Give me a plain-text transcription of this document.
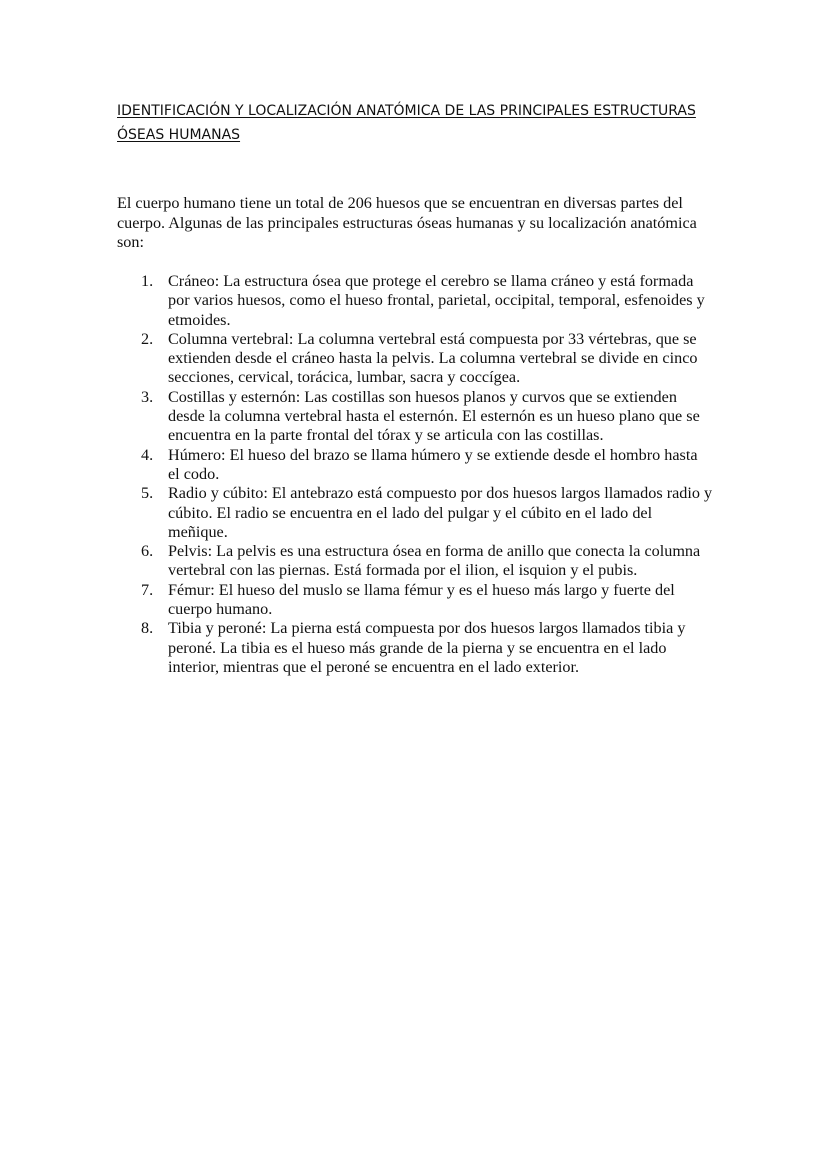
IDENTIFICACIÓN Y LOCALIZACIÓN ANATÓMICA DE LAS PRINCIPALES ESTRUCTURAS ÓSEAS HUMANAS

El cuerpo humano tiene un total de 206 huesos que se encuentran en diversas partes del cuerpo. Algunas de las principales estructuras óseas humanas y su localización anatómica son:

1. Cráneo: La estructura ósea que protege el cerebro se llama cráneo y está formada por varios huesos, como el hueso frontal, parietal, occipital, temporal, esfenoides y etmoides.
2. Columna vertebral: La columna vertebral está compuesta por 33 vértebras, que se extienden desde el cráneo hasta la pelvis. La columna vertebral se divide en cinco secciones, cervical, torácica, lumbar, sacra y coccígea.
3. Costillas y esternón: Las costillas son huesos planos y curvos que se extienden desde la columna vertebral hasta el esternón. El esternón es un hueso plano que se encuentra en la parte frontal del tórax y se articula con las costillas.
4. Húmero: El hueso del brazo se llama húmero y se extiende desde el hombro hasta el codo.
5. Radio y cúbito: El antebrazo está compuesto por dos huesos largos llamados radio y cúbito. El radio se encuentra en el lado del pulgar y el cúbito en el lado del meñique.
6. Pelvis: La pelvis es una estructura ósea en forma de anillo que conecta la columna vertebral con las piernas. Está formada por el ilion, el isquion y el pubis.
7. Fémur: El hueso del muslo se llama fémur y es el hueso más largo y fuerte del cuerpo humano.
8. Tibia y peroné: La pierna está compuesta por dos huesos largos llamados tibia y peroné. La tibia es el hueso más grande de la pierna y se encuentra en el lado interior, mientras que el peroné se encuentra en el lado exterior.
